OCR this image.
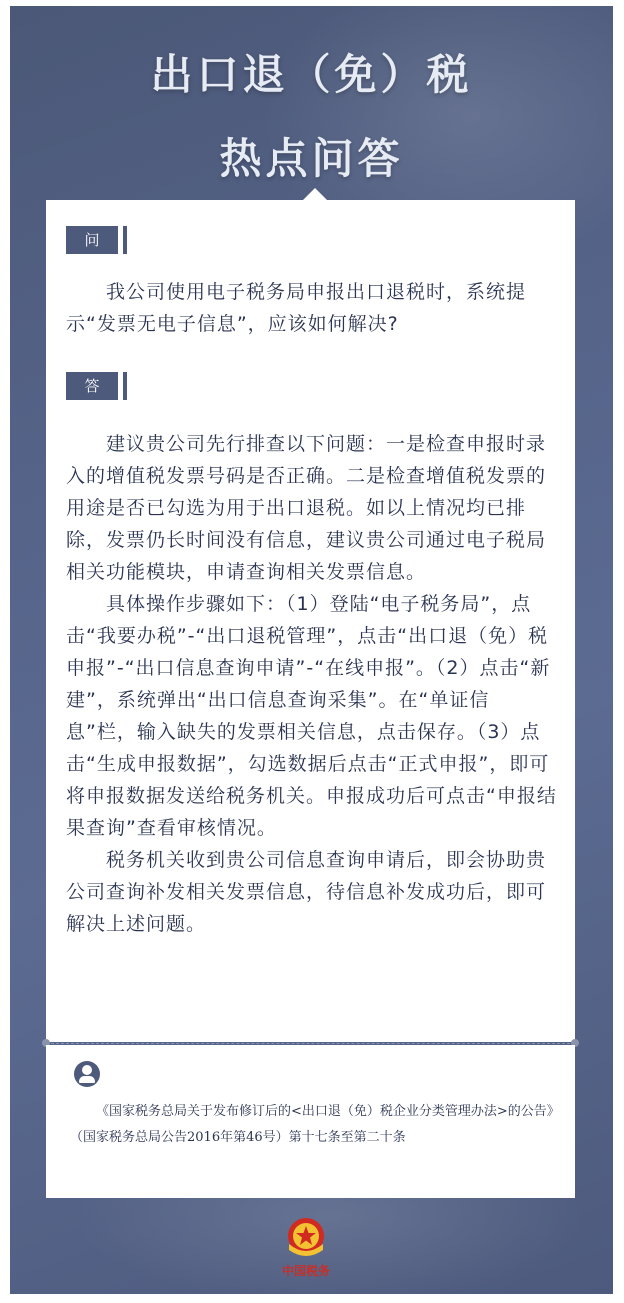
出口退（免）税
热点问答
问

我公司使用电子税务局申报出口退税时，系统提示“发票无电子信息”，应该如何解决?

答

建议贵公司先行排查以下问题：一是检查申报时录入的增值税发票号码是否正确。二是检查增值税发票的用途是否已勾选为用于出口退税。如以上情况均已排除，发票仍长时间没有信息，建议贵公司通过电子税局相关功能模块，申请查询相关发票信息。

具体操作步骤如下：（1）登陆“电子税务局”，点击“我要办税”-“出口退税管理”，点击“出口退（免）税申报”-“出口信息查询申请”-“在线申报”。（2）点击“新建”，系统弹出“出口信息查询采集”。在“单证信息”栏，输入缺失的发票相关信息，点击保存。（3）点击“生成申报数据”，勾选数据后点击“正式申报”，即可将申报数据发送给税务机关。申报成功后可点击“申报结果查询”查看审核情况。

税务机关收到贵公司信息查询申请后，即会协助贵公司查询补发相关发票信息，待信息补发成功后，即可解决上述问题。

《国家税务总局关于发布修订后的<出口退（免）税企业分类管理办法>的公告》（国家税务总局公告2016年第46号）第十七条至第二十条

中国税务
